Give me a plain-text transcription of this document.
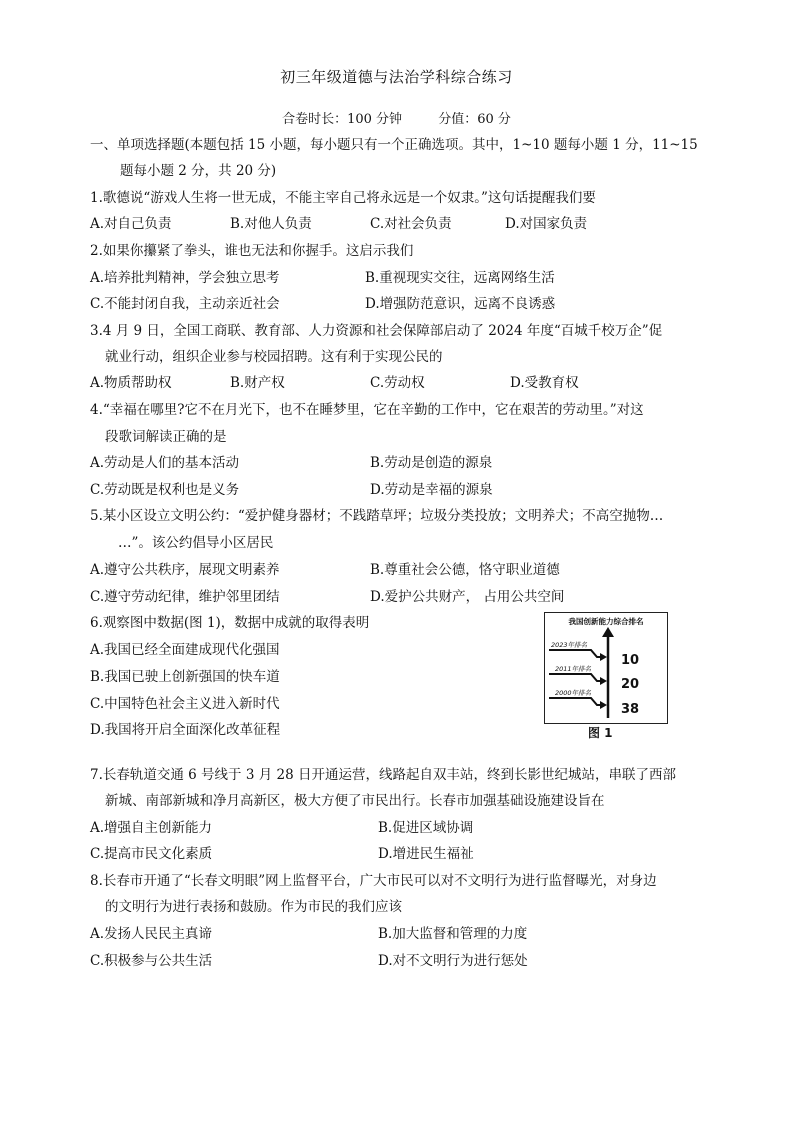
初三年级道德与法治学科综合练习
合卷时长：100 分钟	分值：60 分
一、单项选择题(本题包括 15 小题，每小题只有一个正确选项。其中，1~10 题每小题 1 分，11~15
题每小题 2 分，共 20 分)
1.歌德说“游戏人生将一世无成，不能主宰自己将永远是一个奴隶。”这句话提醒我们要
A.对自己负责	B.对他人负责	C.对社会负责	D.对国家负责
2.如果你攥紧了拳头，谁也无法和你握手。这启示我们
A.培养批判精神，学会独立思考	B.重视现实交往，远离网络生活
C.不能封闭自我，主动亲近社会	D.增强防范意识，远离不良诱惑
3.4 月 9 日，全国工商联、教育部、人力资源和社会保障部启动了 2024 年度“百城千校万企”促
就业行动，组织企业参与校园招聘。这有利于实现公民的
A.物质帮助权	B.财产权	C.劳动权	D.受教育权
4.“幸福在哪里?它不在月光下，也不在睡梦里，它在辛勤的工作中，它在艰苦的劳动里。”对这
段歌词解读正确的是
A.劳动是人们的基本活动	B.劳动是创造的源泉
C.劳动既是权利也是义务	D.劳动是幸福的源泉
5.某小区设立文明公约：“爱护健身器材；不践踏草坪；垃圾分类投放；文明养犬；不高空抛物…
…”。该公约倡导小区居民
A.遵守公共秩序，展现文明素养	B.尊重社会公德，恪守职业道德
C.遵守劳动纪律，维护邻里团结	D.爱护公共财产， 占用公共空间
6.观察图中数据(图 1)，数据中成就的取得表明
A.我国已经全面建成现代化强国
B.我国已驶上创新强国的快车道
C.中国特色社会主义进入新时代
D.我国将开启全面深化改革征程
我国创新能力综合排名
2023年排名
10
2011年排名
20
2000年排名
38
图 1
7.长春轨道交通 6 号线于 3 月 28 日开通运营，线路起自双丰站，终到长影世纪城站，串联了西部
新城、南部新城和净月高新区，极大方便了市民出行。长春市加强基础设施建设旨在
A.增强自主创新能力	B.促进区域协调
C.提高市民文化素质	D.增进民生福祉
8.长春市开通了“长春文明眼”网上监督平台，广大市民可以对不文明行为进行监督曝光，对身边
的文明行为进行表扬和鼓励。作为市民的我们应该
A.发扬人民民主真谛	B.加大监督和管理的力度
C.积极参与公共生活	D.对不文明行为进行惩处
